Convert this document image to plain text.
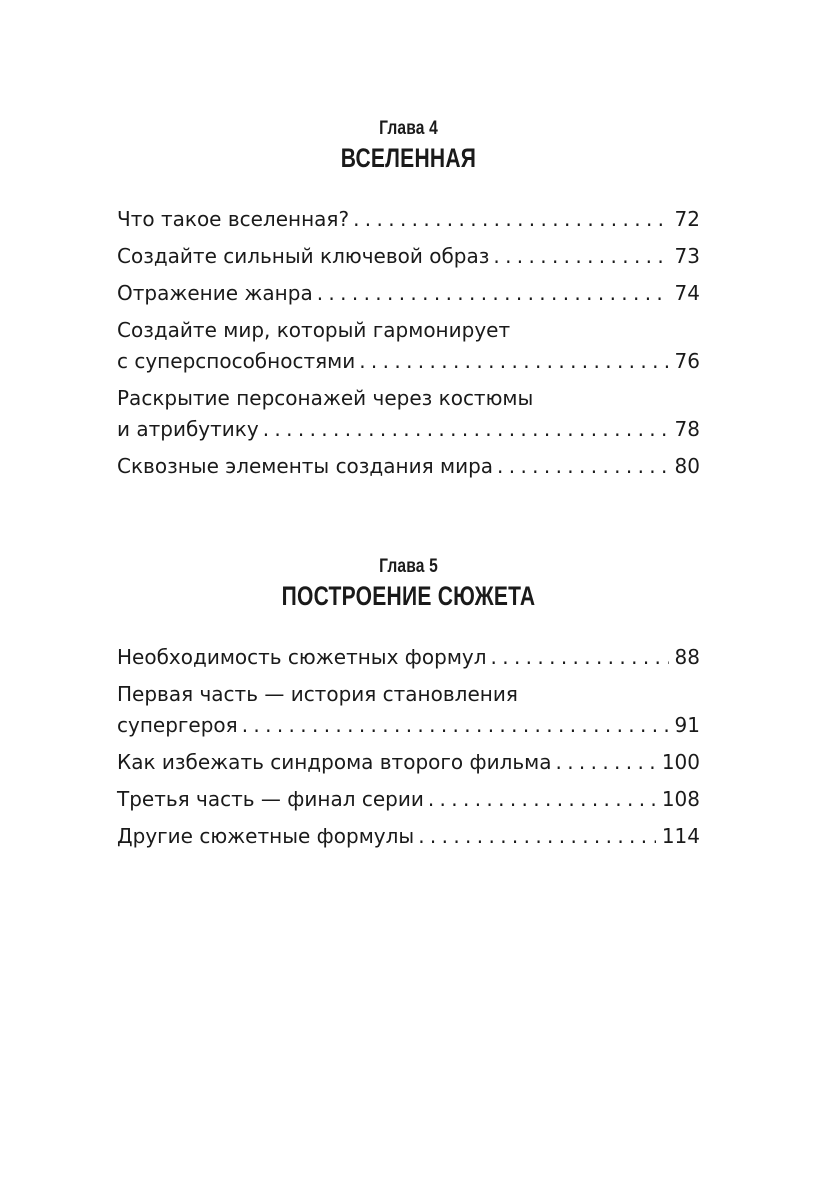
Глава 4
ВСЕЛЕННАЯ
Что такое вселенная? . . .	72
Создайте сильный ключевой образ . . .	73
Отражение жанра . . .	74
Создайте мир, который гармонирует
с суперспособностями . . .	76
Раскрытие персонажей через костюмы
и атрибутику . . .	78
Сквозные элементы создания мира . . .	80
Глава 5
ПОСТРОЕНИЕ СЮЖЕТА
Необходимость сюжетных формул . . .	88
Первая часть — история становления
супергероя . . .	91
Как избежать синдрома второго фильма . . .	100
Третья часть — финал серии . . .	108
Другие сюжетные формулы . . .	114
